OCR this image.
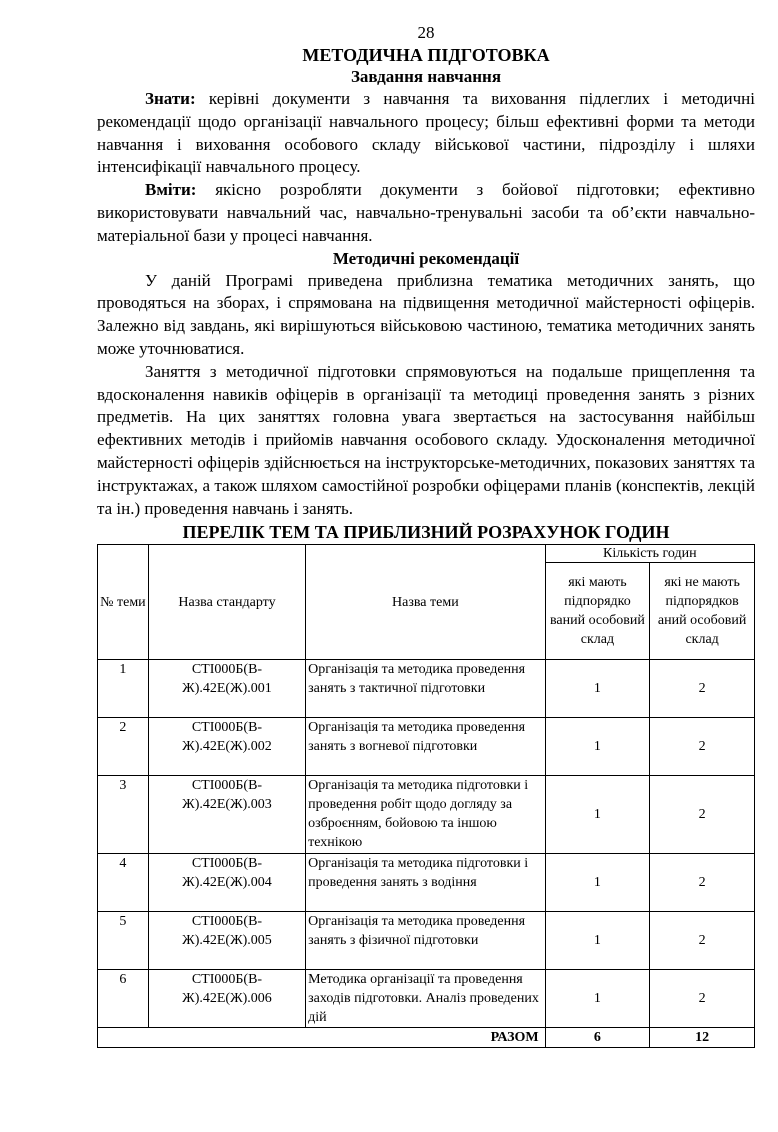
28
МЕТОДИЧНА ПІДГОТОВКА
Завдання навчання

Знати: керівні документи з навчання та виховання підлеглих і методичні рекомендації щодо організації навчального процесу; більш ефективні форми та методи навчання і виховання особового складу військової частини, підрозділу і шляхи інтенсифікації навчального процесу.

Вміти: якісно розробляти документи з бойової підготовки; ефективно використовувати навчальний час, навчально-тренувальні засоби та об’єкти навчально-матеріальної бази у процесі навчання.

Методичні рекомендації

У даній Програмі приведена приблизна тематика методичних занять, що проводяться на зборах, і спрямована на підвищення методичної майстерності офіцерів. Залежно від завдань, які вирішуються військовою частиною, тематика методичних занять може уточнюватися.

Заняття з методичної підготовки спрямовуються на подальше прищеплення та вдосконалення навиків офіцерів в організації та методиці проведення занять з різних предметів. На цих заняттях головна увага звертається на застосування найбільш ефективних методів і прийомів навчання особового складу. Удосконалення методичної майстерності офіцерів здійснюється на інструкторське-методичних, показових заняттях та інструктажах, а також шляхом самостійної розробки офіцерами планів (конспектів, лекцій та ін.) проведення навчань і занять.

ПЕРЕЛІК ТЕМ ТА ПРИБЛИЗНИЙ РОЗРАХУНОК ГОДИН
№ теми	Назва стандарту	Назва теми	Кількість годин	
			які мають підпорядко ваний особовий склад	які не мають підпорядков аний особовий склад
1	СТІ000Б(В-Ж).42Е(Ж).001	Організація та методика проведення занять з тактичної підготовки	1	2
2	СТІ000Б(В-Ж).42Е(Ж).002	Організація та методика проведення занять з вогневої підготовки	1	2
3	СТІ000Б(В-Ж).42Е(Ж).003	Організація та методика підготовки і проведення робіт щодо догляду за озброєнням, бойовою та іншою технікою	1	2
4	СТІ000Б(В-Ж).42Е(Ж).004	Організація та методика підготовки і проведення занять з водіння	1	2
5	СТІ000Б(В-Ж).42Е(Ж).005	Організація та методика проведення занять з фізичної підготовки	1	2
6	СТІ000Б(В-Ж).42Е(Ж).006	Методика організації та проведення заходів підготовки. Аналіз проведених дій	1	2
РАЗОМ			6	12
